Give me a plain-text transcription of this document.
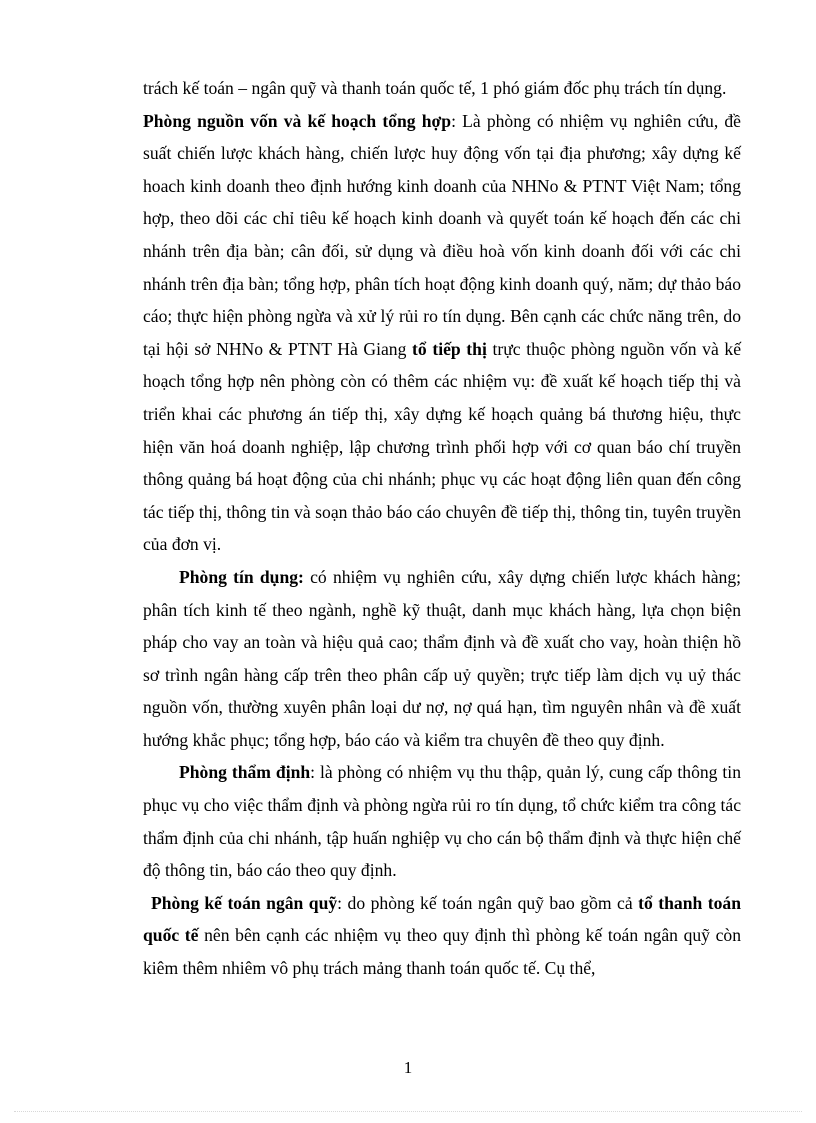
trách kế toán – ngân quỹ và thanh toán quốc tế, 1 phó giám đốc phụ trách tín dụng.

Phòng nguồn vốn và kế hoạch tổng hợp: Là phòng có nhiệm vụ nghiên cứu, đề suất chiến lược khách hàng, chiến lược huy động vốn tại địa phương; xây dựng kế hoach kinh doanh theo định hướng kinh doanh của NHNo & PTNT Việt Nam; tổng hợp, theo dõi các chỉ tiêu kế hoạch kinh doanh và quyết toán kế hoạch đến các chi nhánh trên địa bàn; cân đối, sử dụng và điều hoà vốn kinh doanh đối với các chi nhánh trên địa bàn; tổng hợp, phân tích hoạt động kinh doanh quý, năm; dự thảo báo cáo; thực hiện phòng ngừa và xử lý rủi ro tín dụng. Bên cạnh các chức năng trên, do tại hội sở NHNo & PTNT Hà Giang tổ tiếp thị trực thuộc phòng nguồn vốn và kế hoạch tổng hợp nên phòng còn có thêm các nhiệm vụ: đề xuất kế hoạch tiếp thị và triển khai các phương án tiếp thị, xây dựng kế hoạch quảng bá thương hiệu, thực hiện văn hoá doanh nghiệp, lập chương trình phối hợp với cơ quan báo chí truyền thông quảng bá hoạt động của chi nhánh; phục vụ các hoạt động liên quan đến công tác tiếp thị, thông tin và soạn thảo báo cáo chuyên đề tiếp thị, thông tin, tuyên truyền của đơn vị.

Phòng tín dụng: có nhiệm vụ nghiên cứu, xây dựng chiến lược khách hàng; phân tích kinh tế theo ngành, nghề kỹ thuật, danh mục khách hàng, lựa chọn biện pháp cho vay an toàn và hiệu quả cao; thẩm định và đề xuất cho vay, hoàn thiện hồ sơ trình ngân hàng cấp trên theo phân cấp uỷ quyền; trực tiếp làm dịch vụ uỷ thác nguồn vốn, thường xuyên phân loại dư nợ, nợ quá hạn, tìm nguyên nhân và đề xuất hướng khắc phục; tổng hợp, báo cáo và kiểm tra chuyên đề theo quy định.

Phòng thẩm định: là phòng có nhiệm vụ thu thập, quản lý, cung cấp thông tin phục vụ cho việc thẩm định và phòng ngừa rủi ro tín dụng, tổ chức kiểm tra công tác thẩm định của chi nhánh, tập huấn nghiệp vụ cho cán bộ thẩm định và thực hiện chế độ thông tin, báo cáo theo quy định.

Phòng kế toán ngân quỹ: do phòng kế toán ngân quỹ bao gồm cả tổ thanh toán quốc tế nên bên cạnh các nhiệm vụ theo quy định thì phòng kế toán ngân quỹ còn kiêm thêm nhiêm vô phụ trách mảng thanh toán quốc tế. Cụ thể,

1
